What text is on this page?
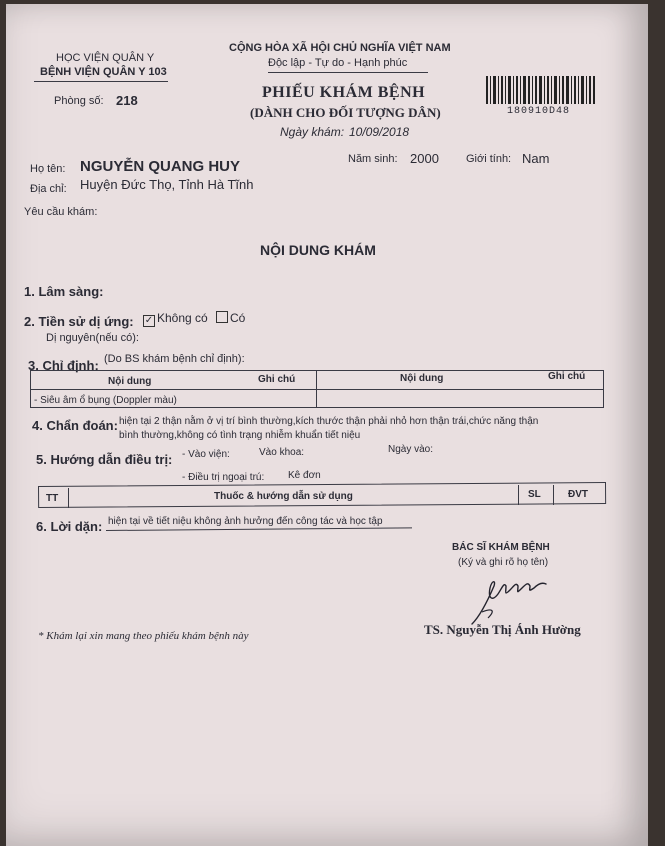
HỌC VIỆN QUÂN Y
BỆNH VIỆN QUÂN Y 103
Phòng số: 218
CỘNG HÒA XÃ HỘI CHỦ NGHĨA VIỆT NAM
Độc lập - Tự do - Hạnh phúc
PHIẾU KHÁM BỆNH
(DÀNH CHO ĐỐI TƯỢNG DÂN)
Ngày khám: 10/09/2018
180910D48
Họ tên: NGUYỄN QUANG HUY	Năm sinh: 2000 Giới tính: Nam
Địa chỉ: Huyện Đức Thọ, Tỉnh Hà Tĩnh
Yêu cầu khám:
NỘI DUNG KHÁM
1. Lâm sàng:
2. Tiền sử dị ứng: ✓ Không có	Có
Dị nguyên(nếu có):
3. Chỉ định: (Do BS khám bệnh chỉ định):
Nội dung	Ghi chú	Nội dung	Ghi chú
- Siêu âm ổ bụng (Doppler màu)
4. Chẩn đoán: hiện tại 2 thận nằm ở vị trí bình thường,kích thước thận phải nhỏ hơn thận trái,chức năng thận
bình thường,không có tình trạng nhiễm khuẩn tiết niệu
5. Hướng dẫn điều trị: - Vào viện:	Vào khoa:	Ngày vào:
- Điều trị ngoại trú: Kê đơn
TT	Thuốc & hướng dẫn sử dụng	SL	ĐVT
6. Lời dặn: hiện tại về tiết niệu không ảnh hưởng đến công tác và học tập
BÁC SĨ KHÁM BỆNH
(Ký và ghi rõ họ tên)
TS. Nguyễn Thị Ánh Hường
* Khám lại xin mang theo phiếu khám bệnh này
